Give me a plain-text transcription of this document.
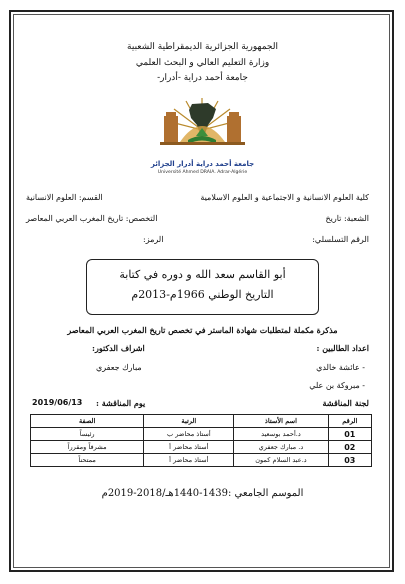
الجمهورية الجزائرية الديمقراطية الشعبية
وزارة التعليم العالي و البحث العلمي
جامعة أحمد دراية -أدرار-
جامعة أحمد دراية أدرار الجزائر
Université Ahmed DRAIA. Adrar-Algérie
كلية العلوم الانسانية و الاجتماعية و العلوم الاسلامية
القسم: العلوم الانسانية
الشعبة: تاريخ
التخصص: تاريخ المغرب العربي المعاصر
الرقم التسلسلي:
الرمز:
أبو القاسم سعد الله و دوره في كتابة
التاريخ الوطني 1966م-2013م
مذكرة مكملة لمتطلبات شهادة الماستر في تخصص تاريخ المغرب العربي المعاصر
اعداد الطالبين :
اشراف الدكتور:
- عائشة خالدي
مبارك جعفري
- مبروكة بن علي
يوم المناقشة :
2019/06/13	لجنة المناقشة
الرقم	اسم الأستاذ	الرتبة	الصفة
01	د.أحمد بوسعيد	أستاذ محاضر ب	رئيساً
02	د. مبارك جعفري	أستاذ محاضر أ	مشرفاً ومقرراً
03	د.عبد السلام كمون	أستاذ محاضر أ	ممتحناً
الموسم الجامعي :1439-1440هـ/2018-2019م
